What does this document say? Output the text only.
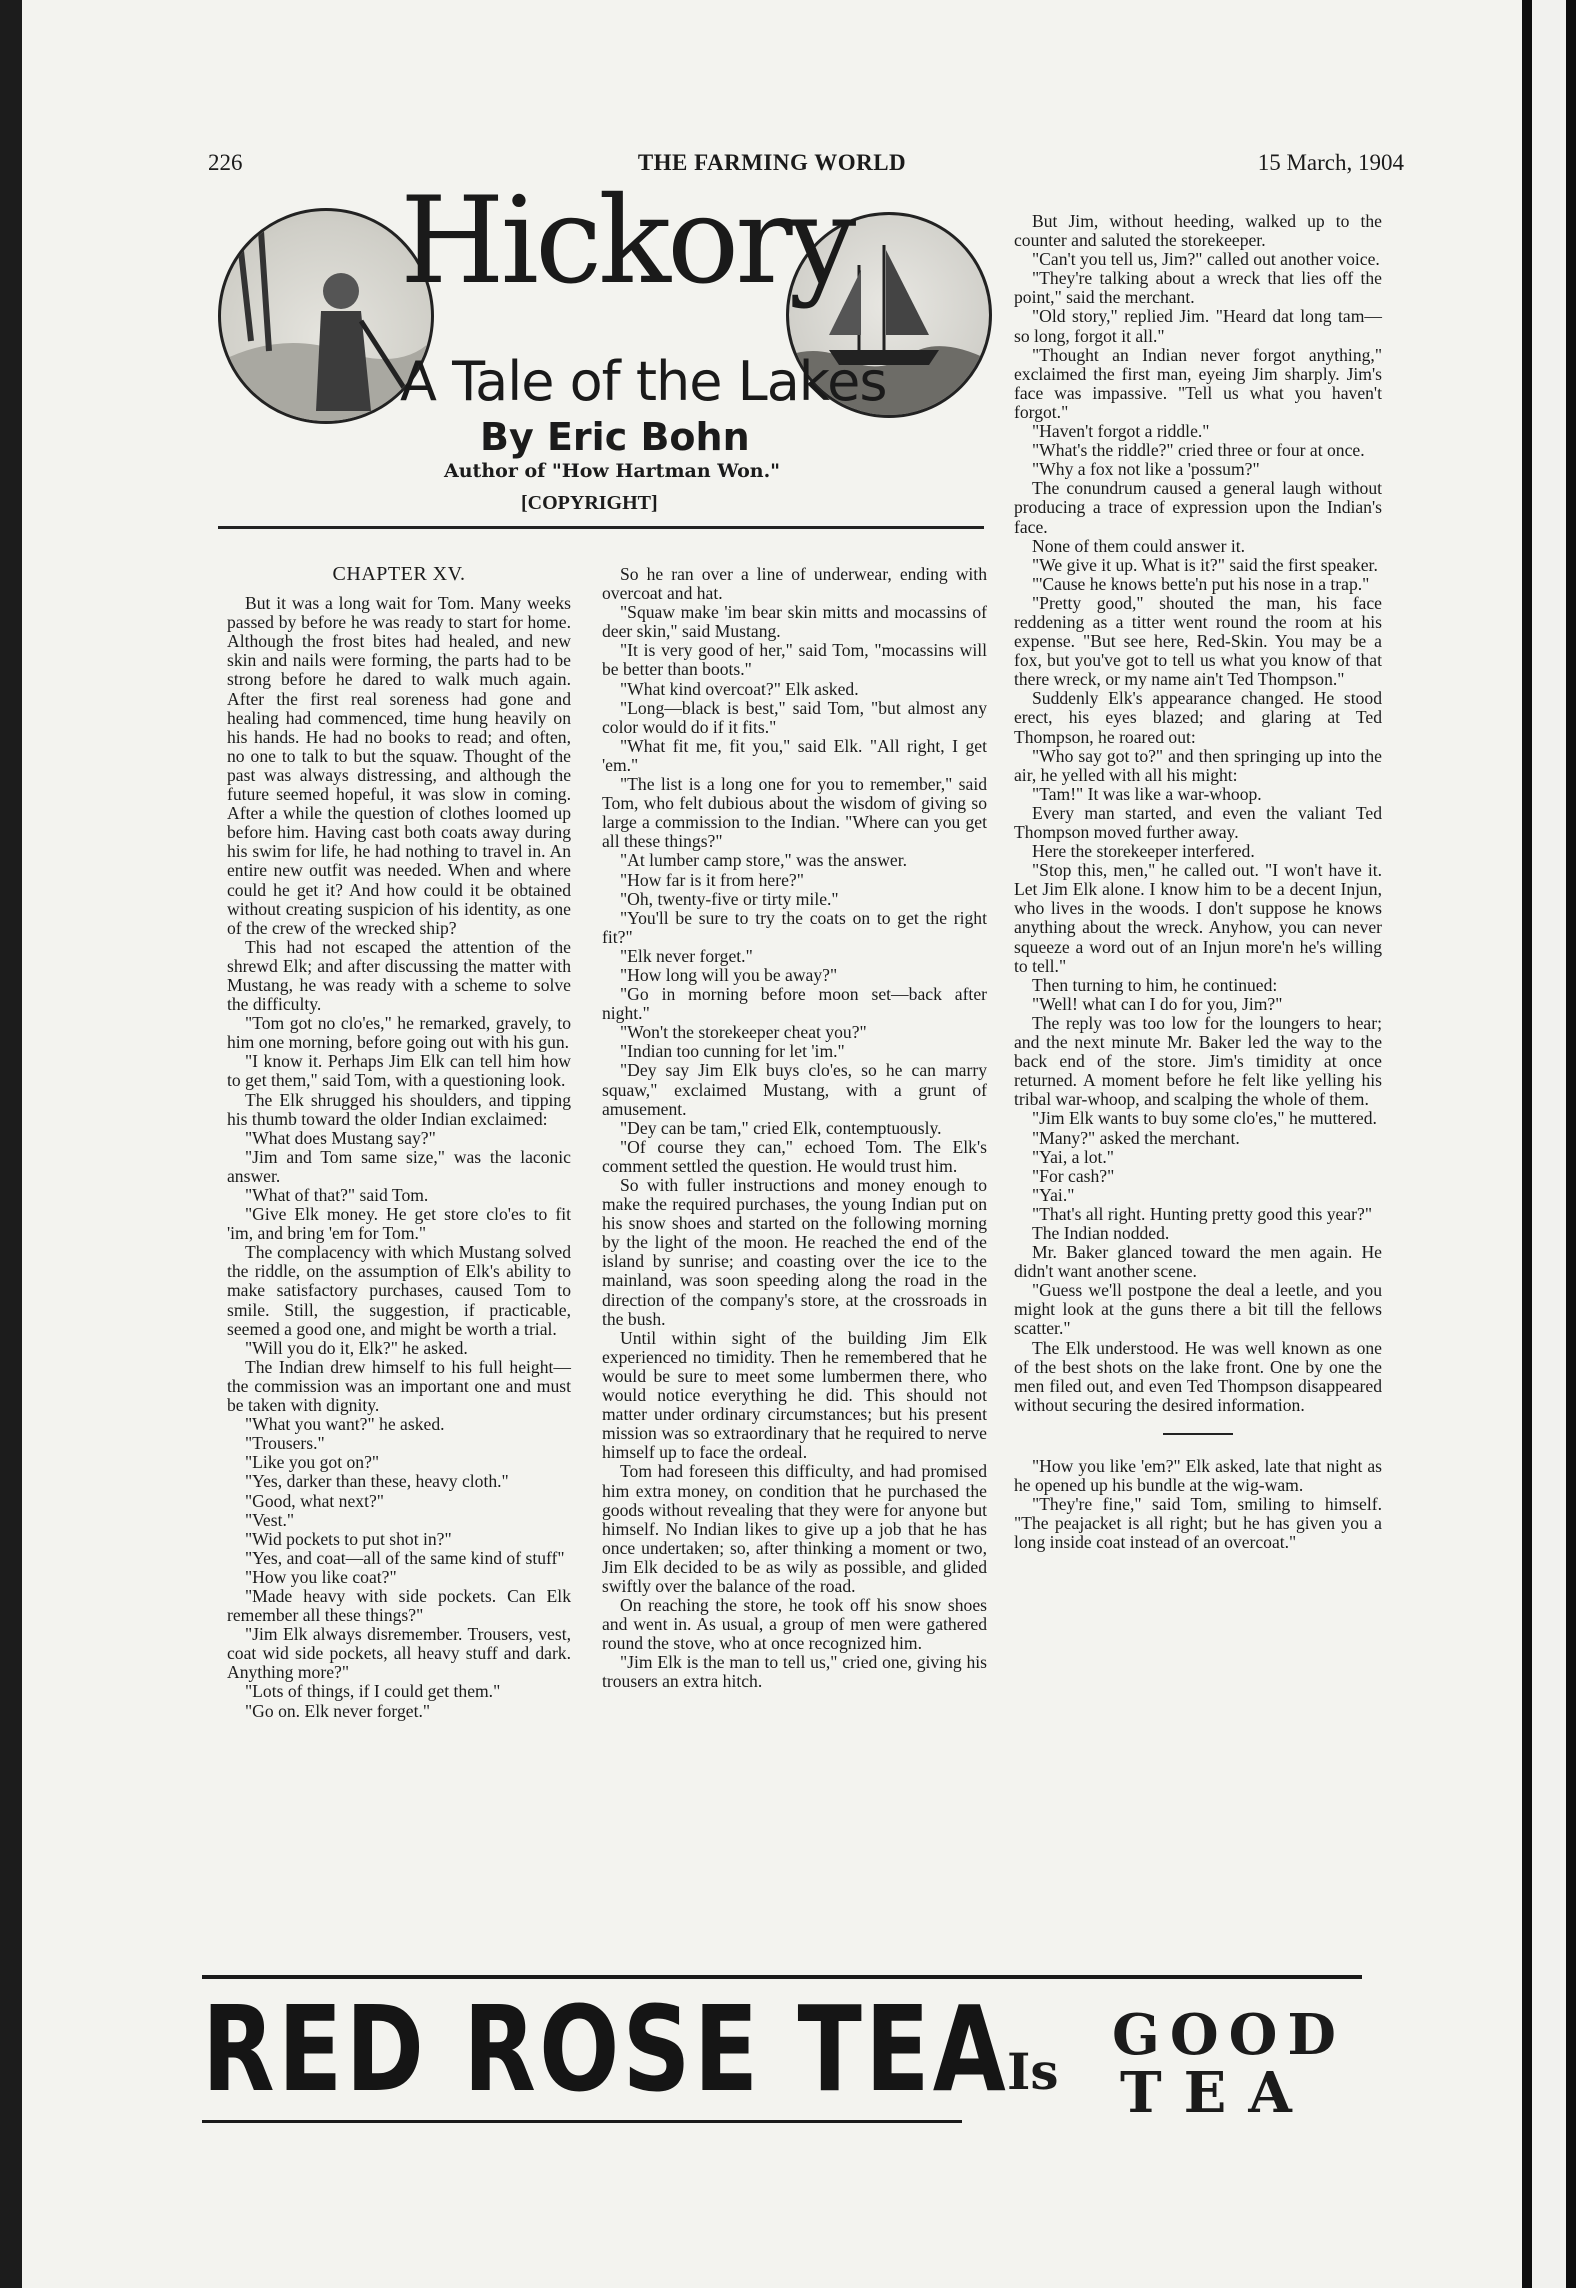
226	THE FARMING WORLD	15 March, 1904
Hickory
A Tale of the Lakes
By Eric Bohn
Author of "How Hartman Won."
[COPYRIGHT]

CHAPTER XV.

But it was a long wait for Tom. Many weeks passed by before he was ready to start for home. Although the frost bites had healed, and new skin and nails were forming, the parts had to be strong before he dared to walk much again. After the first real soreness had gone and healing had commenced, time hung heavily on his hands. He had no books to read; and often, no one to talk to but the squaw. Thought of the past was always distressing, and although the future seemed hopeful, it was slow in coming. After a while the question of clothes loomed up before him. Having cast both coats away during his swim for life, he had nothing to travel in. An entire new outfit was needed. When and where could he get it? And how could it be obtained without creating suspicion of his identity, as one of the crew of the wrecked ship?

This had not escaped the attention of the shrewd Elk; and after discussing the matter with Mustang, he was ready with a scheme to solve the difficulty.

"Tom got no clo'es," he remarked, gravely, to him one morning, before going out with his gun.

"I know it. Perhaps Jim Elk can tell him how to get them," said Tom, with a questioning look.

The Elk shrugged his shoulders, and tipping his thumb toward the older Indian exclaimed:

"What does Mustang say?"

"Jim and Tom same size," was the laconic answer.

"What of that?" said Tom.

"Give Elk money. He get store clo'es to fit 'im, and bring 'em for Tom."

The complacency with which Mustang solved the riddle, on the assumption of Elk's ability to make satisfactory purchases, caused Tom to smile. Still, the suggestion, if practicable, seemed a good one, and might be worth a trial.

"Will you do it, Elk?" he asked.

The Indian drew himself to his full height—the commission was an important one and must be taken with dignity.

"What you want?" he asked.

"Trousers."

"Like you got on?"

"Yes, darker than these, heavy cloth."

"Good, what next?"

"Vest."

"Wid pockets to put shot in?"

"Yes, and coat—all of the same kind of stuff"

"How you like coat?"

"Made heavy with side pockets. Can Elk remember all these things?"

"Jim Elk always disremember. Trousers, vest, coat wid side pockets, all heavy stuff and dark. Anything more?"

"Lots of things, if I could get them."

"Go on. Elk never forget."

So he ran over a line of underwear, ending with overcoat and hat.

"Squaw make 'im bear skin mitts and mocassins of deer skin," said Mustang.

"It is very good of her," said Tom, "mocassins will be better than boots."

"What kind overcoat?" Elk asked.

"Long—black is best," said Tom, "but almost any color would do if it fits."

"What fit me, fit you," said Elk. "All right, I get 'em."

"The list is a long one for you to remember," said Tom, who felt dubious about the wisdom of giving so large a commission to the Indian. "Where can you get all these things?"

"At lumber camp store," was the answer.

"How far is it from here?"

"Oh, twenty-five or tirty mile."

"You'll be sure to try the coats on to get the right fit?"

"Elk never forget."

"How long will you be away?"

"Go in morning before moon set—back after night."

"Won't the storekeeper cheat you?"

"Indian too cunning for let 'im."

"Dey say Jim Elk buys clo'es, so he can marry squaw," exclaimed Mustang, with a grunt of amusement.

"Dey can be tam," cried Elk, contemptuously.

"Of course they can," echoed Tom. The Elk's comment settled the question. He would trust him.

So with fuller instructions and money enough to make the required purchases, the young Indian put on his snow shoes and started on the following morning by the light of the moon. He reached the end of the island by sunrise; and coasting over the ice to the mainland, was soon speeding along the road in the direction of the company's store, at the crossroads in the bush.

Until within sight of the building Jim Elk experienced no timidity. Then he remembered that he would be sure to meet some lumbermen there, who would notice everything he did. This should not matter under ordinary circumstances; but his present mission was so extraordinary that he required to nerve himself up to face the ordeal.

Tom had foreseen this difficulty, and had promised him extra money, on condition that he purchased the goods without revealing that they were for anyone but himself. No Indian likes to give up a job that he has once undertaken; so, after thinking a moment or two, Jim Elk decided to be as wily as possible, and glided swiftly over the balance of the road.

On reaching the store, he took off his snow shoes and went in. As usual, a group of men were gathered round the stove, who at once recognized him.

"Jim Elk is the man to tell us," cried one, giving his trousers an extra hitch.

But Jim, without heeding, walked up to the counter and saluted the storekeeper.

"Can't you tell us, Jim?" called out another voice.

"They're talking about a wreck that lies off the point," said the merchant.

"Old story," replied Jim. "Heard dat long tam—so long, forgot it all."

"Thought an Indian never forgot anything," exclaimed the first man, eyeing Jim sharply. Jim's face was impassive. "Tell us what you haven't forgot."

"Haven't forgot a riddle."

"What's the riddle?" cried three or four at once.

"Why a fox not like a 'possum?"

The conundrum caused a general laugh without producing a trace of expression upon the Indian's face.

None of them could answer it.

"We give it up. What is it?" said the first speaker.

"'Cause he knows bette'n put his nose in a trap."

"Pretty good," shouted the man, his face reddening as a titter went round the room at his expense. "But see here, Red-Skin. You may be a fox, but you've got to tell us what you know of that there wreck, or my name ain't Ted Thompson."

Suddenly Elk's appearance changed. He stood erect, his eyes blazed; and glaring at Ted Thompson, he roared out:

"Who say got to?" and then springing up into the air, he yelled with all his might:

"Tam!" It was like a war-whoop.

Every man started, and even the valiant Ted Thompson moved further away.

Here the storekeeper interfered.

"Stop this, men," he called out. "I won't have it. Let Jim Elk alone. I know him to be a decent Injun, who lives in the woods. I don't suppose he knows anything about the wreck. Anyhow, you can never squeeze a word out of an Injun more'n he's willing to tell."

Then turning to him, he continued:

"Well! what can I do for you, Jim?"

The reply was too low for the loungers to hear; and the next minute Mr. Baker led the way to the back end of the store. Jim's timidity at once returned. A moment before he felt like yelling his tribal war-whoop, and scalping the whole of them.

"Jim Elk wants to buy some clo'es," he muttered.

"Many?" asked the merchant.

"Yai, a lot."

"For cash?"

"Yai."

"That's all right. Hunting pretty good this year?"

The Indian nodded.

Mr. Baker glanced toward the men again. He didn't want another scene.

"Guess we'll postpone the deal a leetle, and you might look at the guns there a bit till the fellows scatter."

The Elk understood. He was well known as one of the best shots on the lake front. One by one the men filed out, and even Ted Thompson disappeared without securing the desired information.

"How you like 'em?" Elk asked, late that night as he opened up his bundle at the wig-wam.

"They're fine," said Tom, smiling to himself. "The peajacket is all right; but he has given you a long inside coat instead of an overcoat."

RED ROSE TEA
Is
GOOD
TEA
